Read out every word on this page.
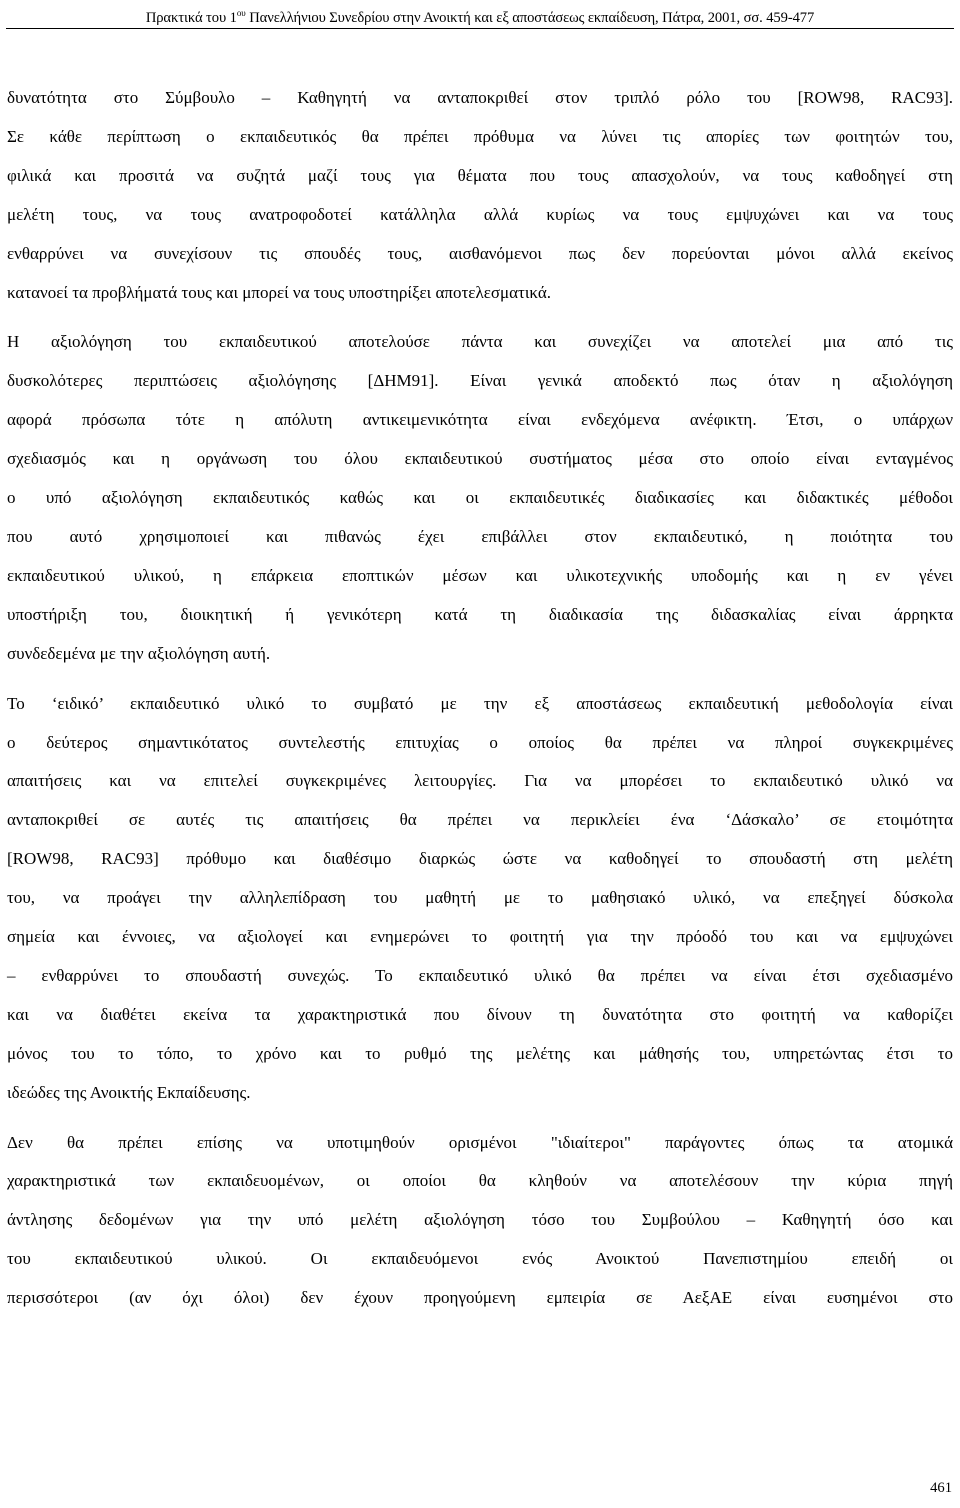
Πρακτικά του $1^{o\upsilon}$ Πανελλήνιου Συνεδρίου στην Ανοικτή και εξ αποστάσεως εκπαίδευση, Πάτρα, 2001, σσ. 459-477

δυνατότητα στο Σύμβουλο – Καθηγητή να ανταποκριθεί στον τριπλό ρόλο του [ROW98, RAC93].
Σε κάθε περίπτωση ο εκπαιδευτικός θα πρέπει πρόθυμα να λύνει τις απορίες των φοιτητών του,
φιλικά και προσιτά να συζητά μαζί τους για θέματα που τους απασχολούν, να τους καθοδηγεί στη
μελέτη τους, να τους ανατροφοδοτεί κατάλληλα αλλά κυρίως να τους εμψυχώνει και να τους
ενθαρρύνει να συνεχίσουν τις σπουδές τους, αισθανόμενοι πως δεν πορεύονται μόνοι αλλά εκείνος
κατανοεί τα προβλήματά τους και μπορεί να τους υποστηρίξει αποτελεσματικά.

Η αξιολόγηση του εκπαιδευτικού αποτελούσε πάντα και συνεχίζει να αποτελεί μια από τις
δυσκολότερες περιπτώσεις αξιολόγησης [ΔΗΜ91]. Είναι γενικά αποδεκτό πως όταν η αξιολόγηση
αφορά πρόσωπα τότε η απόλυτη αντικειμενικότητα είναι ενδεχόμενα ανέφικτη. Έτσι, ο υπάρχων
σχεδιασμός και η οργάνωση του όλου εκπαιδευτικού συστήματος μέσα στο οποίο είναι ενταγμένος
ο υπό αξιολόγηση εκπαιδευτικός καθώς και οι εκπαιδευτικές διαδικασίες και διδακτικές μέθοδοι
που αυτό χρησιμοποιεί και πιθανώς έχει επιβάλλει στον εκπαιδευτικό, η ποιότητα του
εκπαιδευτικού υλικού, η επάρκεια εποπτικών μέσων και υλικοτεχνικής υποδομής και η εν γένει
υποστήριξη του, διοικητική ή γενικότερη κατά τη διαδικασία της διδασκαλίας είναι άρρηκτα
συνδεδεμένα με την αξιολόγηση αυτή.

Το ‘ειδικό’ εκπαιδευτικό υλικό το συμβατό με την εξ αποστάσεως εκπαιδευτική μεθοδολογία είναι
ο δεύτερος σημαντικότατος συντελεστής επιτυχίας ο οποίος θα πρέπει να πληροί συγκεκριμένες
απαιτήσεις και να επιτελεί συγκεκριμένες λειτουργίες. Για να μπορέσει το εκπαιδευτικό υλικό να
ανταποκριθεί σε αυτές τις απαιτήσεις θα πρέπει να περικλείει ένα ‘Δάσκαλο’ σε ετοιμότητα
[ROW98, RAC93] πρόθυμο και διαθέσιμο διαρκώς ώστε να καθοδηγεί το σπουδαστή στη μελέτη
του, να προάγει την αλληλεπίδραση του μαθητή με το μαθησιακό υλικό, να επεξηγεί δύσκολα
σημεία και έννοιες, να αξιολογεί και ενημερώνει το φοιτητή για την πρόοδό του και να εμψυχώνει
– ενθαρρύνει το σπουδαστή συνεχώς. Το εκπαιδευτικό υλικό θα πρέπει να είναι έτσι σχεδιασμένο
και να διαθέτει εκείνα τα χαρακτηριστικά που δίνουν τη δυνατότητα στο φοιτητή να καθορίζει
μόνος του το τόπο, το χρόνο και το ρυθμό της μελέτης και μάθησής του, υπηρετώντας έτσι το
ιδεώδες της Ανοικτής Εκπαίδευσης.

Δεν θα πρέπει επίσης να υποτιμηθούν ορισμένοι "ιδιαίτεροι" παράγοντες όπως τα ατομικά
χαρακτηριστικά των εκπαιδευομένων, οι οποίοι θα κληθούν να αποτελέσουν την κύρια πηγή
άντλησης δεδομένων για την υπό μελέτη αξιολόγηση τόσο του Συμβούλου – Καθηγητή όσο και
του εκπαιδευτικού υλικού. Οι εκπαιδευόμενοι ενός Ανοικτού Πανεπιστημίου επειδή οι
περισσότεροι (αν όχι όλοι) δεν έχουν προηγούμενη εμπειρία σε ΑεξΑΕ είναι ευσημένοι στο

461
